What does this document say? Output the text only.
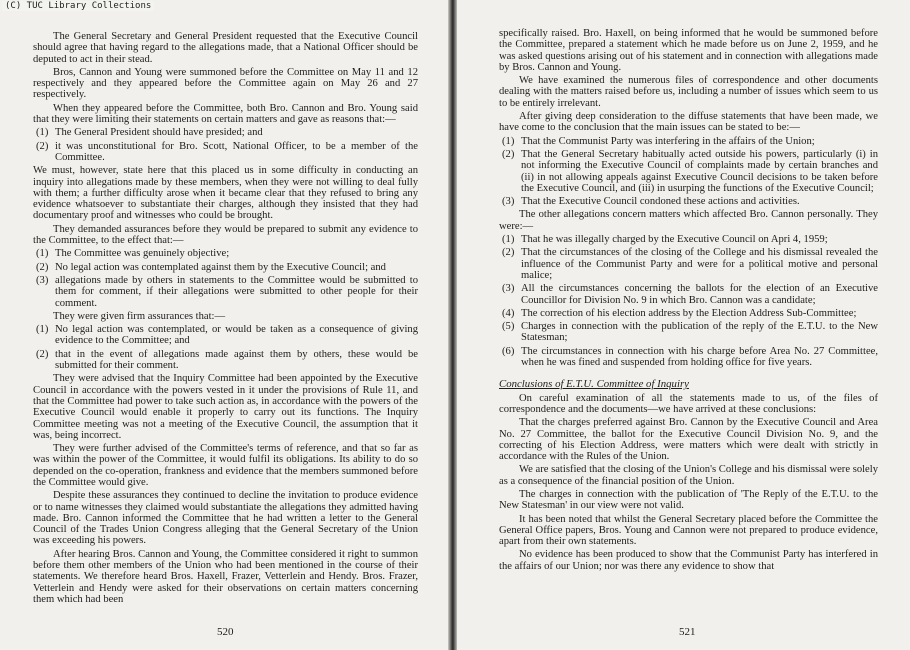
(C) TUC Library Collections

The General Secretary and General President requested that the Executive Council should agree that having regard to the allegations made, that a National Officer should be deputed to act in their stead.

Bros, Cannon and Young were summoned before the Committee on May 11 and 12 respectively and they appeared before the Committee again on May 26 and 27 respectively.

When they appeared before the Committee, both Bro. Cannon and Bro. Young said that they were limiting their statements on certain matters and gave as reasons that:—

(1) The General President should have presided; and
(2) it was unconstitutional for Bro. Scott, National Officer, to be a member of the Committee.

We must, however, state here that this placed us in some difficulty in conducting an inquiry into allegations made by these members, when they were not willing to deal fully with them; a further difficulty arose when it became clear that they refused to bring any evidence whatsoever to substantiate their charges, although they insisted that they had documentary proof and witnesses who could be brought.

They demanded assurances before they would be prepared to submit any evidence to the Committee, to the effect that:—

(1) The Committee was genuinely objective;
(2) No legal action was contemplated against them by the Executive Council; and
(3) allegations made by others in statements to the Committee would be submitted to them for comment, if their allegations were submitted to other people for their comment.

They were given firm assurances that:—

(1) No legal action was contemplated, or would be taken as a consequence of giving evidence to the Committee; and
(2) that in the event of allegations made against them by others, these would be submitted for their comment.

They were advised that the Inquiry Committee had been appointed by the Executive Council in accordance with the powers vested in it under the provisions of Rule 11, and that the Committee had power to take such action as, in accordance with the powers of the Executive Council would enable it properly to carry out its functions. The Inquiry Committee meeting was not a meeting of the Executive Council, the assumption that it was, being incorrect.

They were further advised of the Committee's terms of reference, and that so far as was within the power of the Committee, it would fulfil its obligations. Its ability to do so depended on the co-operation, frankness and evidence that the members summoned before the Committee would give.

Despite these assurances they continued to decline the invitation to produce evidence or to name witnesses they claimed would substantiate the allegations they admitted having made. Bro. Cannon informed the Committee that he had written a letter to the General Council of the Trades Union Congress alleging that the General Secretary of the Union was exceeding his powers.

After hearing Bros. Cannon and Young, the Committee considered it right to summon before them other members of the Union who had been mentioned in the course of their statements. We therefore heard Bros. Haxell, Frazer, Vetterlein and Hendy. Bros. Frazer, Vetterlein and Hendy were asked for their observations on certain matters concerning them which had been

520

specifically raised. Bro. Haxell, on being informed that he would be summoned before the Committee, prepared a statement which he made before us on June 2, 1959, and he was asked questions arising out of his statement and in connection with allegations made by Bros. Cannon and Young.

We have examined the numerous files of correspondence and other documents dealing with the matters raised before us, including a number of issues which seem to us to be entirely irrelevant.

After giving deep consideration to the diffuse statements that have been made, we have come to the conclusion that the main issues can be stated to be:—

(1) That the Communist Party was interfering in the affairs of the Union;
(2) That the General Secretary habitually acted outside his powers, particularly (i) in not informing the Executive Council of complaints made by certain branches and (ii) in not allowing appeals against Executive Council decisions to be taken before the Executive Council, and (iii) in usurping the functions of the Executive Council;
(3) That the Executive Council condoned these actions and activities.

The other allegations concern matters which affected Bro. Cannon personally. They were:—

(1) That he was illegally charged by the Executive Council on Apri 4, 1959;
(2) That the circumstances of the closing of the College and his dismissal revealed the influence of the Communist Party and were for a political motive and personal malice;
(3) All the circumstances concerning the ballots for the election of an Executive Councillor for Division No. 9 in which Bro. Cannon was a candidate;
(4) The correction of his election address by the Election Address Sub-Committee;
(5) Charges in connection with the publication of the reply of the E.T.U. to the New Statesman;
(6) The circumstances in connection with his charge before Area No. 27 Committee, when he was fined and suspended from holding office for five years.

Conclusions of E.T.U. Committee of Inquiry

On careful examination of all the statements made to us, of the files of correspondence and the documents—we have arrived at these conclusions:

That the charges preferred against Bro. Cannon by the Executive Council and Area No. 27 Committee, the ballot for the Executive Council Division No. 9, and the correcting of his Election Address, were matters which were dealt with strictly in accordance with the Rules of the Union.

We are satisfied that the closing of the Union's College and his dismissal were solely as a consequence of the financial position of the Union.

The charges in connection with the publication of 'The Reply of the E.T.U. to the New Statesman' in our view were not valid.

It has been noted that whilst the General Secretary placed before the Committee the General Office papers, Bros. Young and Cannon were not prepared to produce evidence, apart from their own statements.

No evidence has been produced to show that the Communist Party has interfered in the affairs of our Union; nor was there any evidence to show that

521
